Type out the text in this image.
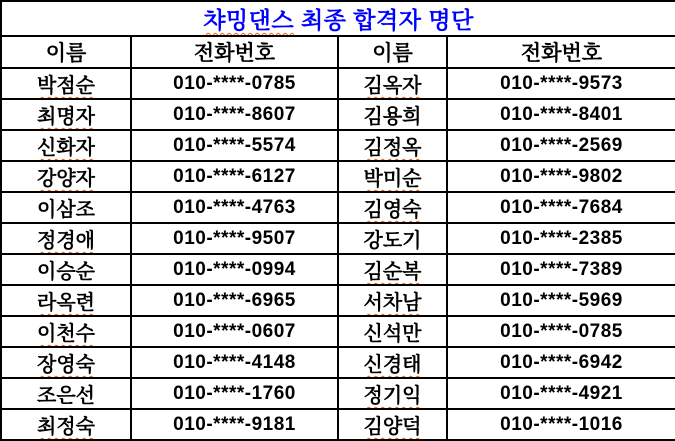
챠밍댄스 최종 합격자 명단			
이름	전화번호	이름	전화번호
박점순	010-****-0785	김옥자	010-****-9573
최명자	010-****-8607	김용희	010-****-8401
신화자	010-****-5574	김정옥	010-****-2569
강양자	010-****-6127	박미순	010-****-9802
이삼조	010-****-4763	김영숙	010-****-7684
정경애	010-****-9507	강도기	010-****-2385
이승순	010-****-0994	김순복	010-****-7389
라옥련	010-****-6965	서차남	010-****-5969
이천수	010-****-0607	신석만	010-****-0785
장영숙	010-****-4148	신경태	010-****-6942
조은선	010-****-1760	정기익	010-****-4921
최정숙	010-****-9181	김양덕	010-****-1016
